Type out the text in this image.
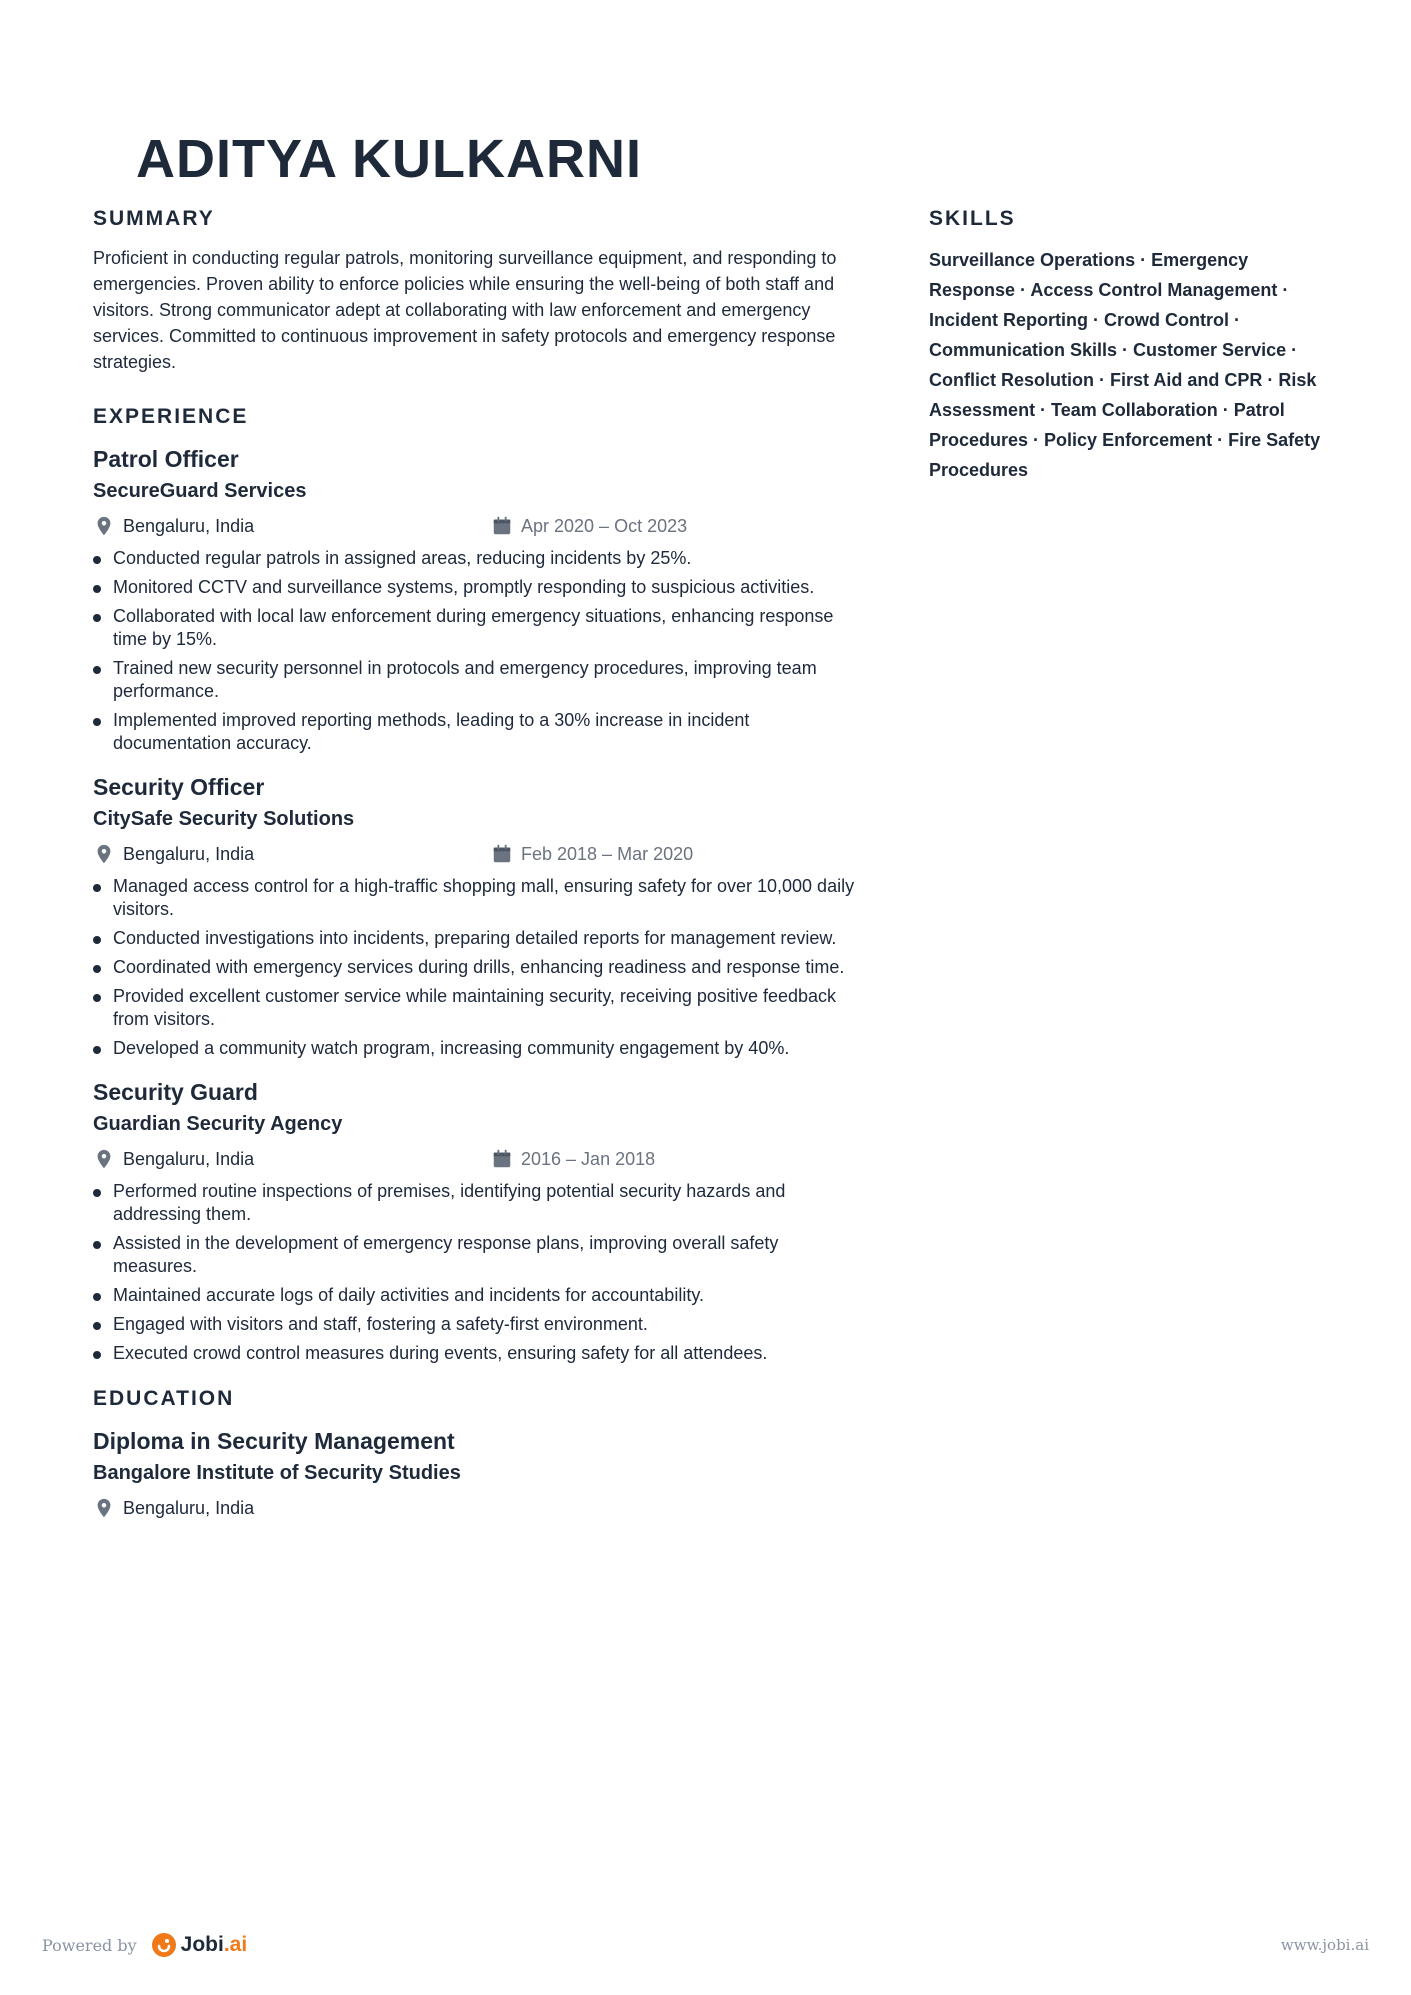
ADITYA KULKARNI
SUMMARY

Proficient in conducting regular patrols, monitoring surveillance equipment, and responding to emergencies. Proven ability to enforce policies while ensuring the well-being of both staff and visitors. Strong communicator adept at collaborating with law enforcement and emergency services. Committed to continuous improvement in safety protocols and emergency response strategies.

EXPERIENCE
Patrol Officer
SecureGuard Services
Bengaluru, India	Apr 2020 – Oct 2023
Conducted regular patrols in assigned areas, reducing incidents by 25%.
Monitored CCTV and surveillance systems, promptly responding to suspicious activities.
Collaborated with local law enforcement during emergency situations, enhancing response time by 15%.
Trained new security personnel in protocols and emergency procedures, improving team performance.
Implemented improved reporting methods, leading to a 30% increase in incident documentation accuracy.
Security Officer
CitySafe Security Solutions
Bengaluru, India	Feb 2018 – Mar 2020
Managed access control for a high-traffic shopping mall, ensuring safety for over 10,000 daily visitors.
Conducted investigations into incidents, preparing detailed reports for management review.
Coordinated with emergency services during drills, enhancing readiness and response time.
Provided excellent customer service while maintaining security, receiving positive feedback from visitors.
Developed a community watch program, increasing community engagement by 40%.
Security Guard
Guardian Security Agency
Bengaluru, India	2016 – Jan 2018
Performed routine inspections of premises, identifying potential security hazards and addressing them.
Assisted in the development of emergency response plans, improving overall safety measures.
Maintained accurate logs of daily activities and incidents for accountability.
Engaged with visitors and staff, fostering a safety-first environment.
Executed crowd control measures during events, ensuring safety for all attendees.
EDUCATION
Diploma in Security Management
Bangalore Institute of Security Studies
Bengaluru, India
SKILLS

Surveillance Operations · Emergency Response · Access Control Management · Incident Reporting · Crowd Control · Communication Skills · Customer Service · Conflict Resolution · First Aid and CPR · Risk Assessment · Team Collaboration · Patrol Procedures · Policy Enforcement · Fire Safety Procedures

Powered by Jobi .ai	www.jobi.ai
